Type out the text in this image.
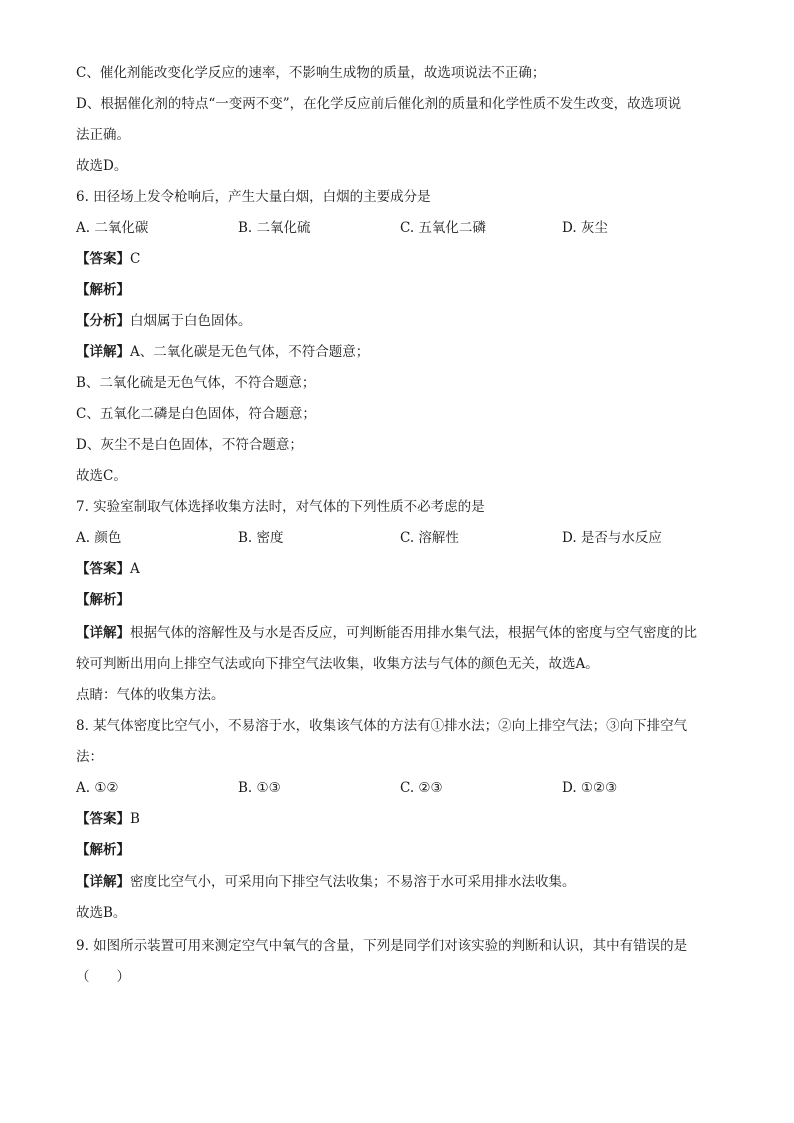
C、催化剂能改变化学反应的速率，不影响生成物的质量，故选项说法不正确；
D、根据催化剂的特点“一变两不变”，在化学反应前后催化剂的质量和化学性质不发生改变，故选项说
法正确。
故选D。
6. 田径场上发令枪响后，产生大量白烟，白烟的主要成分是
A. 二氧化碳	B. 二氧化硫	C. 五氧化二磷	D. 灰尘
【答案】C
【解析】
【分析】白烟属于白色固体。
【详解】A、二氧化碳是无色气体，不符合题意；
B、二氧化硫是无色气体，不符合题意；
C、五氧化二磷是白色固体，符合题意；
D、灰尘不是白色固体，不符合题意；
故选C。
7. 实验室制取气体选择收集方法时，对气体的下列性质不必考虑的是
A. 颜色	B. 密度	C. 溶解性	D. 是否与水反应
【答案】A
【解析】
【详解】根据气体的溶解性及与水是否反应，可判断能否用排水集气法，根据气体的密度与空气密度的比
较可判断出用向上排空气法或向下排空气法收集，收集方法与气体的颜色无关，故选A。
点睛：气体的收集方法。
8. 某气体密度比空气小，不易溶于水，收集该气体的方法有①排水法；②向上排空气法；③向下排空气
法：
A. ①②	B. ①③	C. ②③	D. ①②③
【答案】B
【解析】
【详解】密度比空气小，可采用向下排空气法收集；不易溶于水可采用排水法收集。
故选B。
9. 如图所示装置可用来测定空气中氧气的含量，下列是同学们对该实验的判断和认识，其中有错误的是
（　　）
